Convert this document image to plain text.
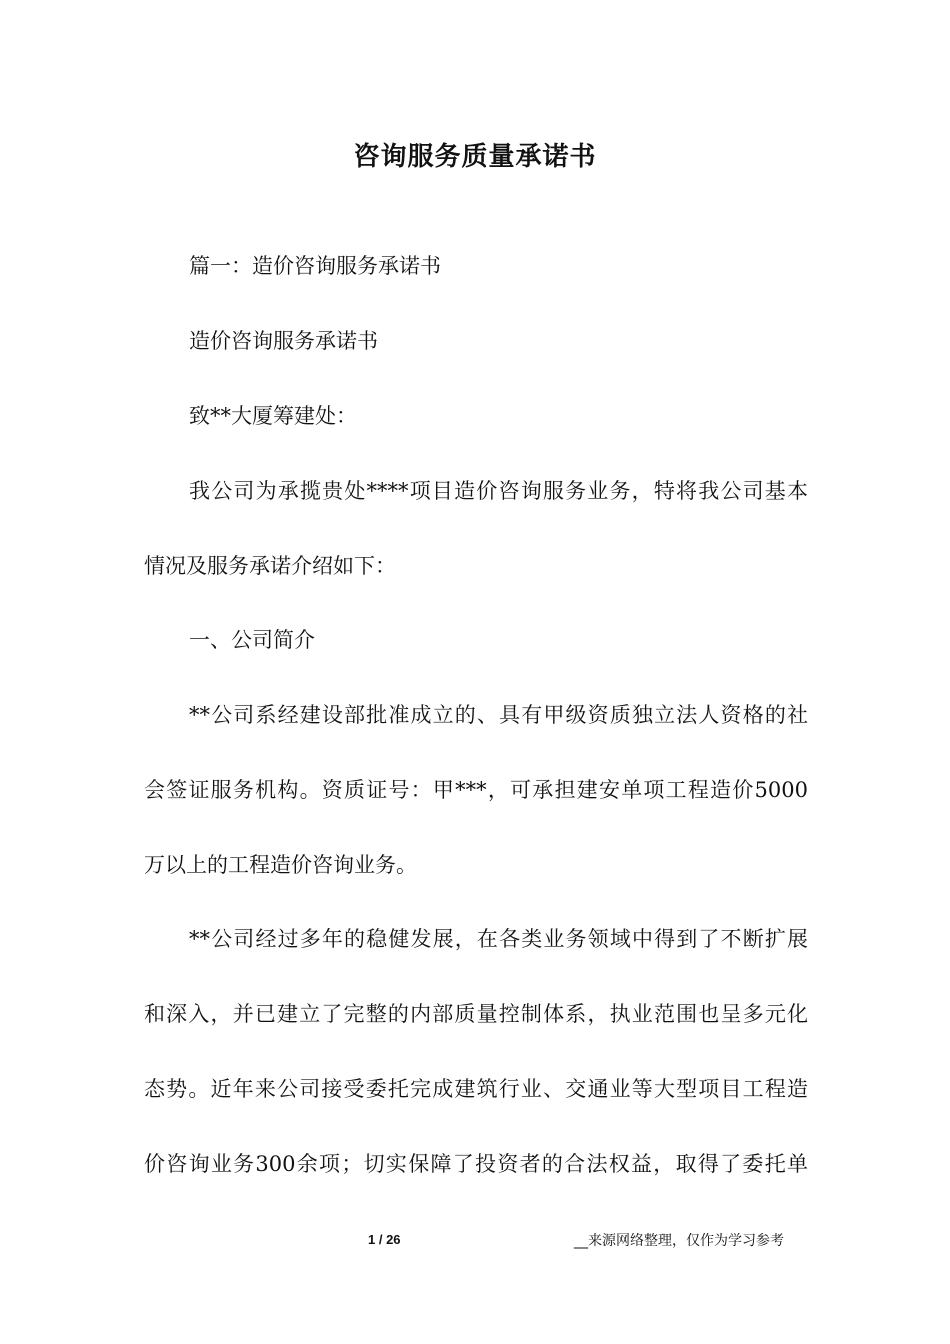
咨询服务质量承诺书
篇一：造价咨询服务承诺书
造价咨询服务承诺书
致**大厦筹建处：
我公司为承揽贵处****项目造价咨询服务业务，特将我公司基本
情况及服务承诺介绍如下：
一、公司简介
**公司系经建设部批准成立的、具有甲级资质独立法人资格的社
会签证服务机构。资质证号：甲***，可承担建安单项工程造价5000
万以上的工程造价咨询业务。
**公司经过多年的稳健发展，在各类业务领域中得到了不断扩展
和深入，并已建立了完整的内部质量控制体系，执业范围也呈多元化
态势。近年来公司接受委托完成建筑行业、交通业等大型项目工程造
价咨询业务300余项；切实保障了投资者的合法权益，取得了委托单
1 / 26	__来源网络整理，仅作为学习参考
